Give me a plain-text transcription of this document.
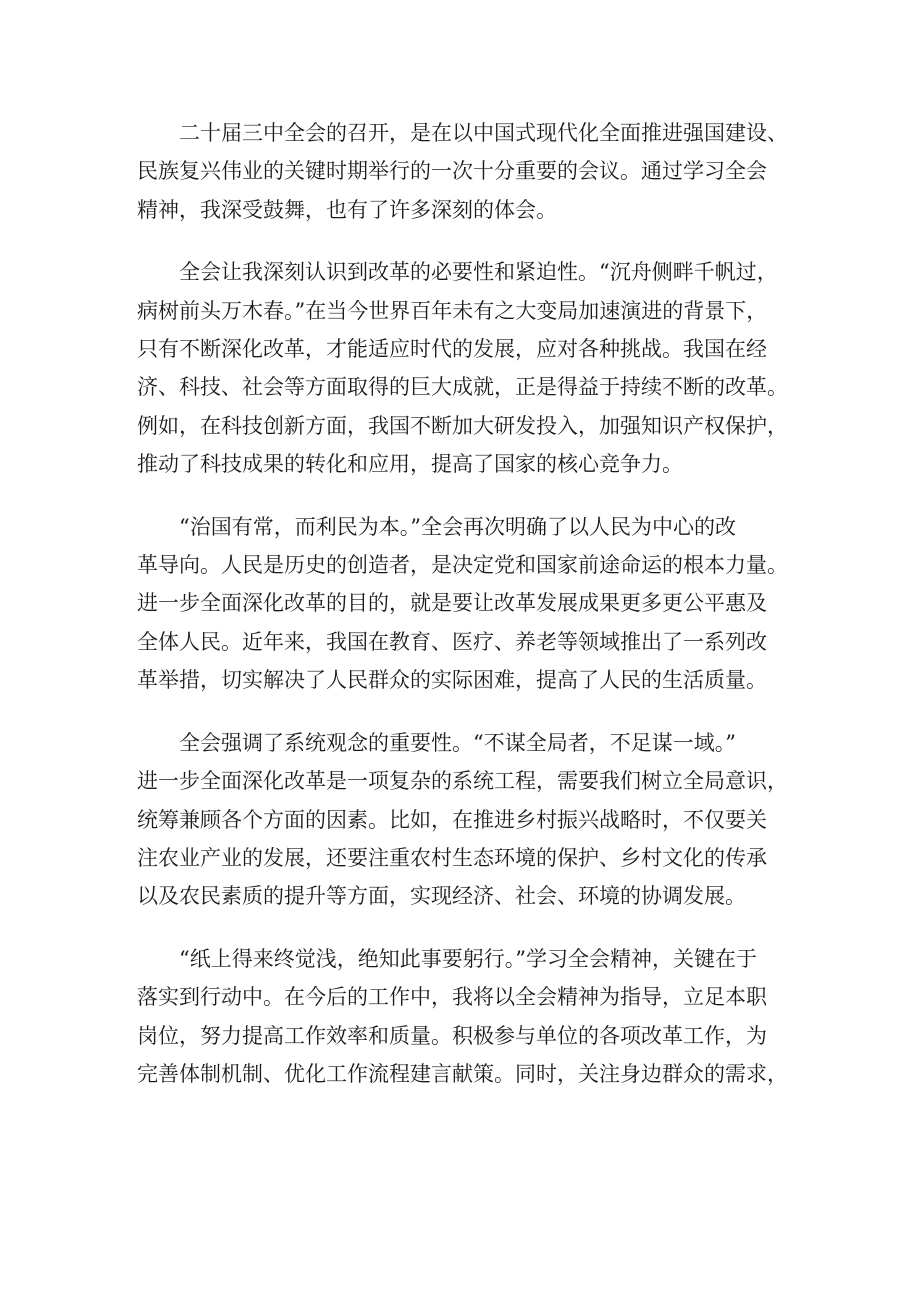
二十届三中全会的召开，是在以中国式现代化全面推进强国建设、
民族复兴伟业的关键时期举行的一次十分重要的会议。通过学习全会
精神，我深受鼓舞，也有了许多深刻的体会。

全会让我深刻认识到改革的必要性和紧迫性。“沉舟侧畔千帆过，
病树前头万木春。”在当今世界百年未有之大变局加速演进的背景下，
只有不断深化改革，才能适应时代的发展，应对各种挑战。我国在经
济、科技、社会等方面取得的巨大成就，正是得益于持续不断的改革。
例如，在科技创新方面，我国不断加大研发投入，加强知识产权保护，
推动了科技成果的转化和应用，提高了国家的核心竞争力。

“治国有常，而利民为本。”全会再次明确了以人民为中心的改
革导向。人民是历史的创造者，是决定党和国家前途命运的根本力量。
进一步全面深化改革的目的，就是要让改革发展成果更多更公平惠及
全体人民。近年来，我国在教育、医疗、养老等领域推出了一系列改
革举措，切实解决了人民群众的实际困难，提高了人民的生活质量。

全会强调了系统观念的重要性。“不谋全局者，不足谋一域。”
进一步全面深化改革是一项复杂的系统工程，需要我们树立全局意识，
统筹兼顾各个方面的因素。比如，在推进乡村振兴战略时，不仅要关
注农业产业的发展，还要注重农村生态环境的保护、乡村文化的传承
以及农民素质的提升等方面，实现经济、社会、环境的协调发展。

“纸上得来终觉浅，绝知此事要躬行。”学习全会精神，关键在于
落实到行动中。在今后的工作中，我将以全会精神为指导，立足本职
岗位，努力提高工作效率和质量。积极参与单位的各项改革工作，为
完善体制机制、优化工作流程建言献策。同时，关注身边群众的需求，
